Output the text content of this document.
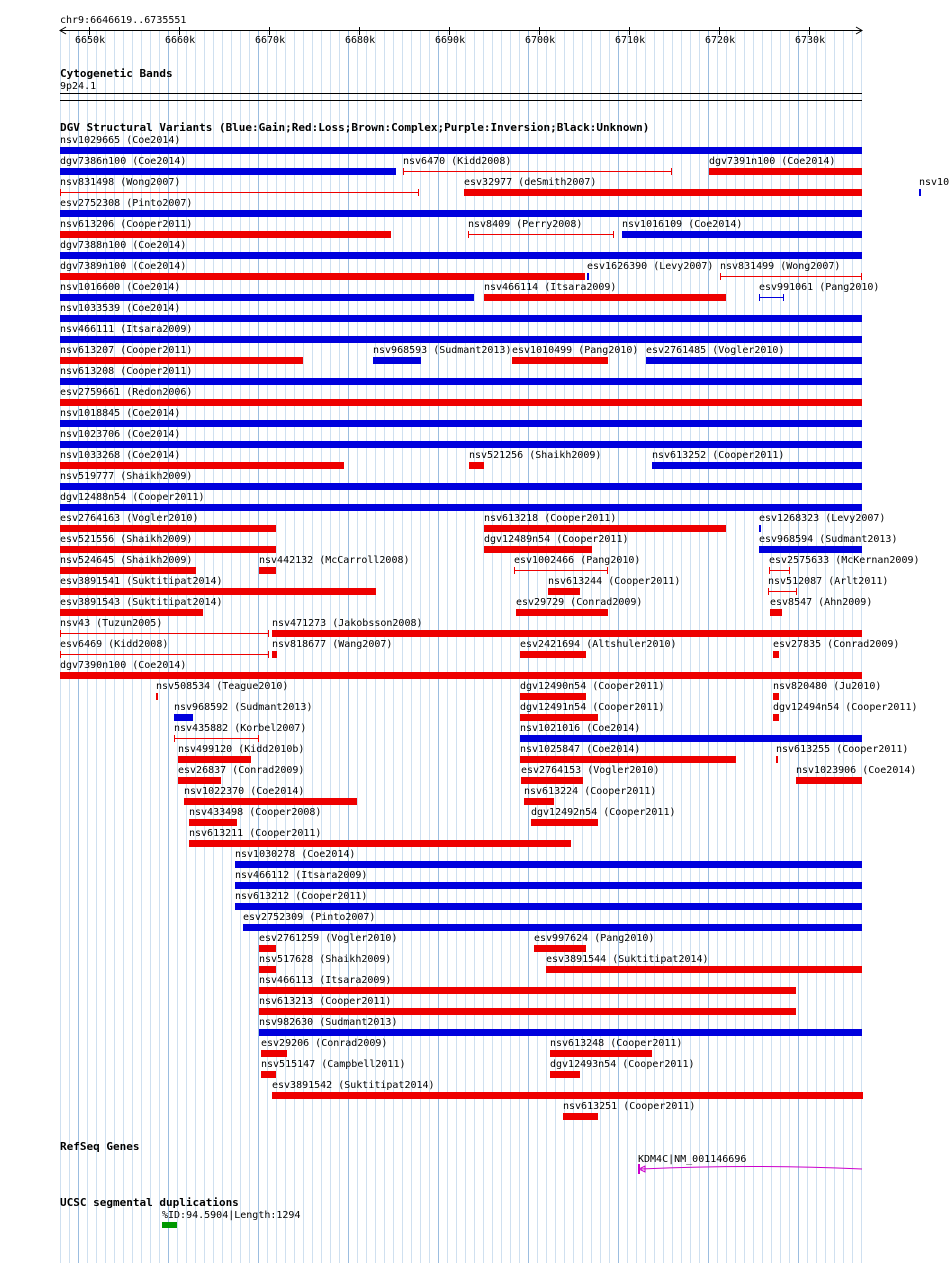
chr9:6646619..6735551
6650k	6660k	6670k	6680k	6690k	6700k	6710k	6720k	6730k
Cytogenetic Bands
9p24.1
DGV Structural Variants (Blue:Gain;Red:Loss;Brown:Complex;Purple:Inversion;Black:Unknown)
nsv1029665 (Coe2014)
dgv7386n100 (Coe2014)	nsv6470 (Kidd2008)	dgv7391n100 (Coe2014)
nsv831498 (Wong2007)	esv32977 (deSmith2007)	nsv10
esv2752308 (Pinto2007)
nsv613206 (Cooper2011)	nsv8409 (Perry2008)	nsv1016109 (Coe2014)
dgv7388n100 (Coe2014)
dgv7389n100 (Coe2014)	esv1626390 (Levy2007) nsv831499 (Wong2007)
nsv1016600 (Coe2014)	nsv466114 (Itsara2009)	esv991061 (Pang2010)
nsv1033539 (Coe2014)
nsv466111 (Itsara2009)
nsv613207 (Cooper2011)	nsv968593 (Sudmant2013) esv1010499 (Pang2010) esv2761485 (Vogler2010)
nsv613208 (Cooper2011)
esv2759661 (Redon2006)
nsv1018845 (Coe2014)
nsv1023706 (Coe2014)
nsv1033268 (Coe2014)	nsv521256 (Shaikh2009)	nsv613252 (Cooper2011)
nsv519777 (Shaikh2009)
dgv12488n54 (Cooper2011)
esv2764163 (Vogler2010)	nsv613218 (Cooper2011)	esv1268323 (Levy2007)
esv521556 (Shaikh2009)	dgv12489n54 (Cooper2011)	esv968594 (Sudmant2013)
nsv524645 (Shaikh2009)	nsv442132 (McCarroll2008)	esv1002466 (Pang2010)	esv2575633 (McKernan2009)
esv3891541 (Suktitipat2014)	nsv613244 (Cooper2011)	nsv512087 (Arlt2011)
esv3891543 (Suktitipat2014)	esv29729 (Conrad2009)	esv8547 (Ahn2009)
nsv43 (Tuzun2005)	nsv471273 (Jakobsson2008)
esv6469 (Kidd2008)	nsv818677 (Wang2007)	esv2421694 (Altshuler2010)	esv27835 (Conrad2009)
dgv7390n100 (Coe2014)
nsv508534 (Teague2010)	dgv12490n54 (Cooper2011)	nsv820480 (Ju2010)
nsv968592 (Sudmant2013)	dgv12491n54 (Cooper2011)	dgv12494n54 (Cooper2011)
nsv435882 (Korbel2007)	nsv1021016 (Coe2014)
nsv499120 (Kidd2010b)	nsv1025847 (Coe2014)	nsv613255 (Cooper2011)
esv26837 (Conrad2009)	esv2764153 (Vogler2010)	nsv1023906 (Coe2014)
nsv1022370 (Coe2014)	nsv613224 (Cooper2011)
nsv433498 (Cooper2008)	dgv12492n54 (Cooper2011)
nsv613211 (Cooper2011)
nsv1030278 (Coe2014)
nsv466112 (Itsara2009)
nsv613212 (Cooper2011)
esv2752309 (Pinto2007)
esv2761259 (Vogler2010)	esv997624 (Pang2010)
nsv517628 (Shaikh2009)	esv3891544 (Suktitipat2014)
nsv466113 (Itsara2009)
nsv613213 (Cooper2011)
nsv982630 (Sudmant2013)
esv29206 (Conrad2009)	nsv613248 (Cooper2011)
nsv515147 (Campbell2011)	dgv12493n54 (Cooper2011)
esv3891542 (Suktitipat2014)
nsv613251 (Cooper2011)
RefSeq Genes
KDM4C|NM_001146696
UCSC segmental duplications
%ID:94.5904|Length:1294
